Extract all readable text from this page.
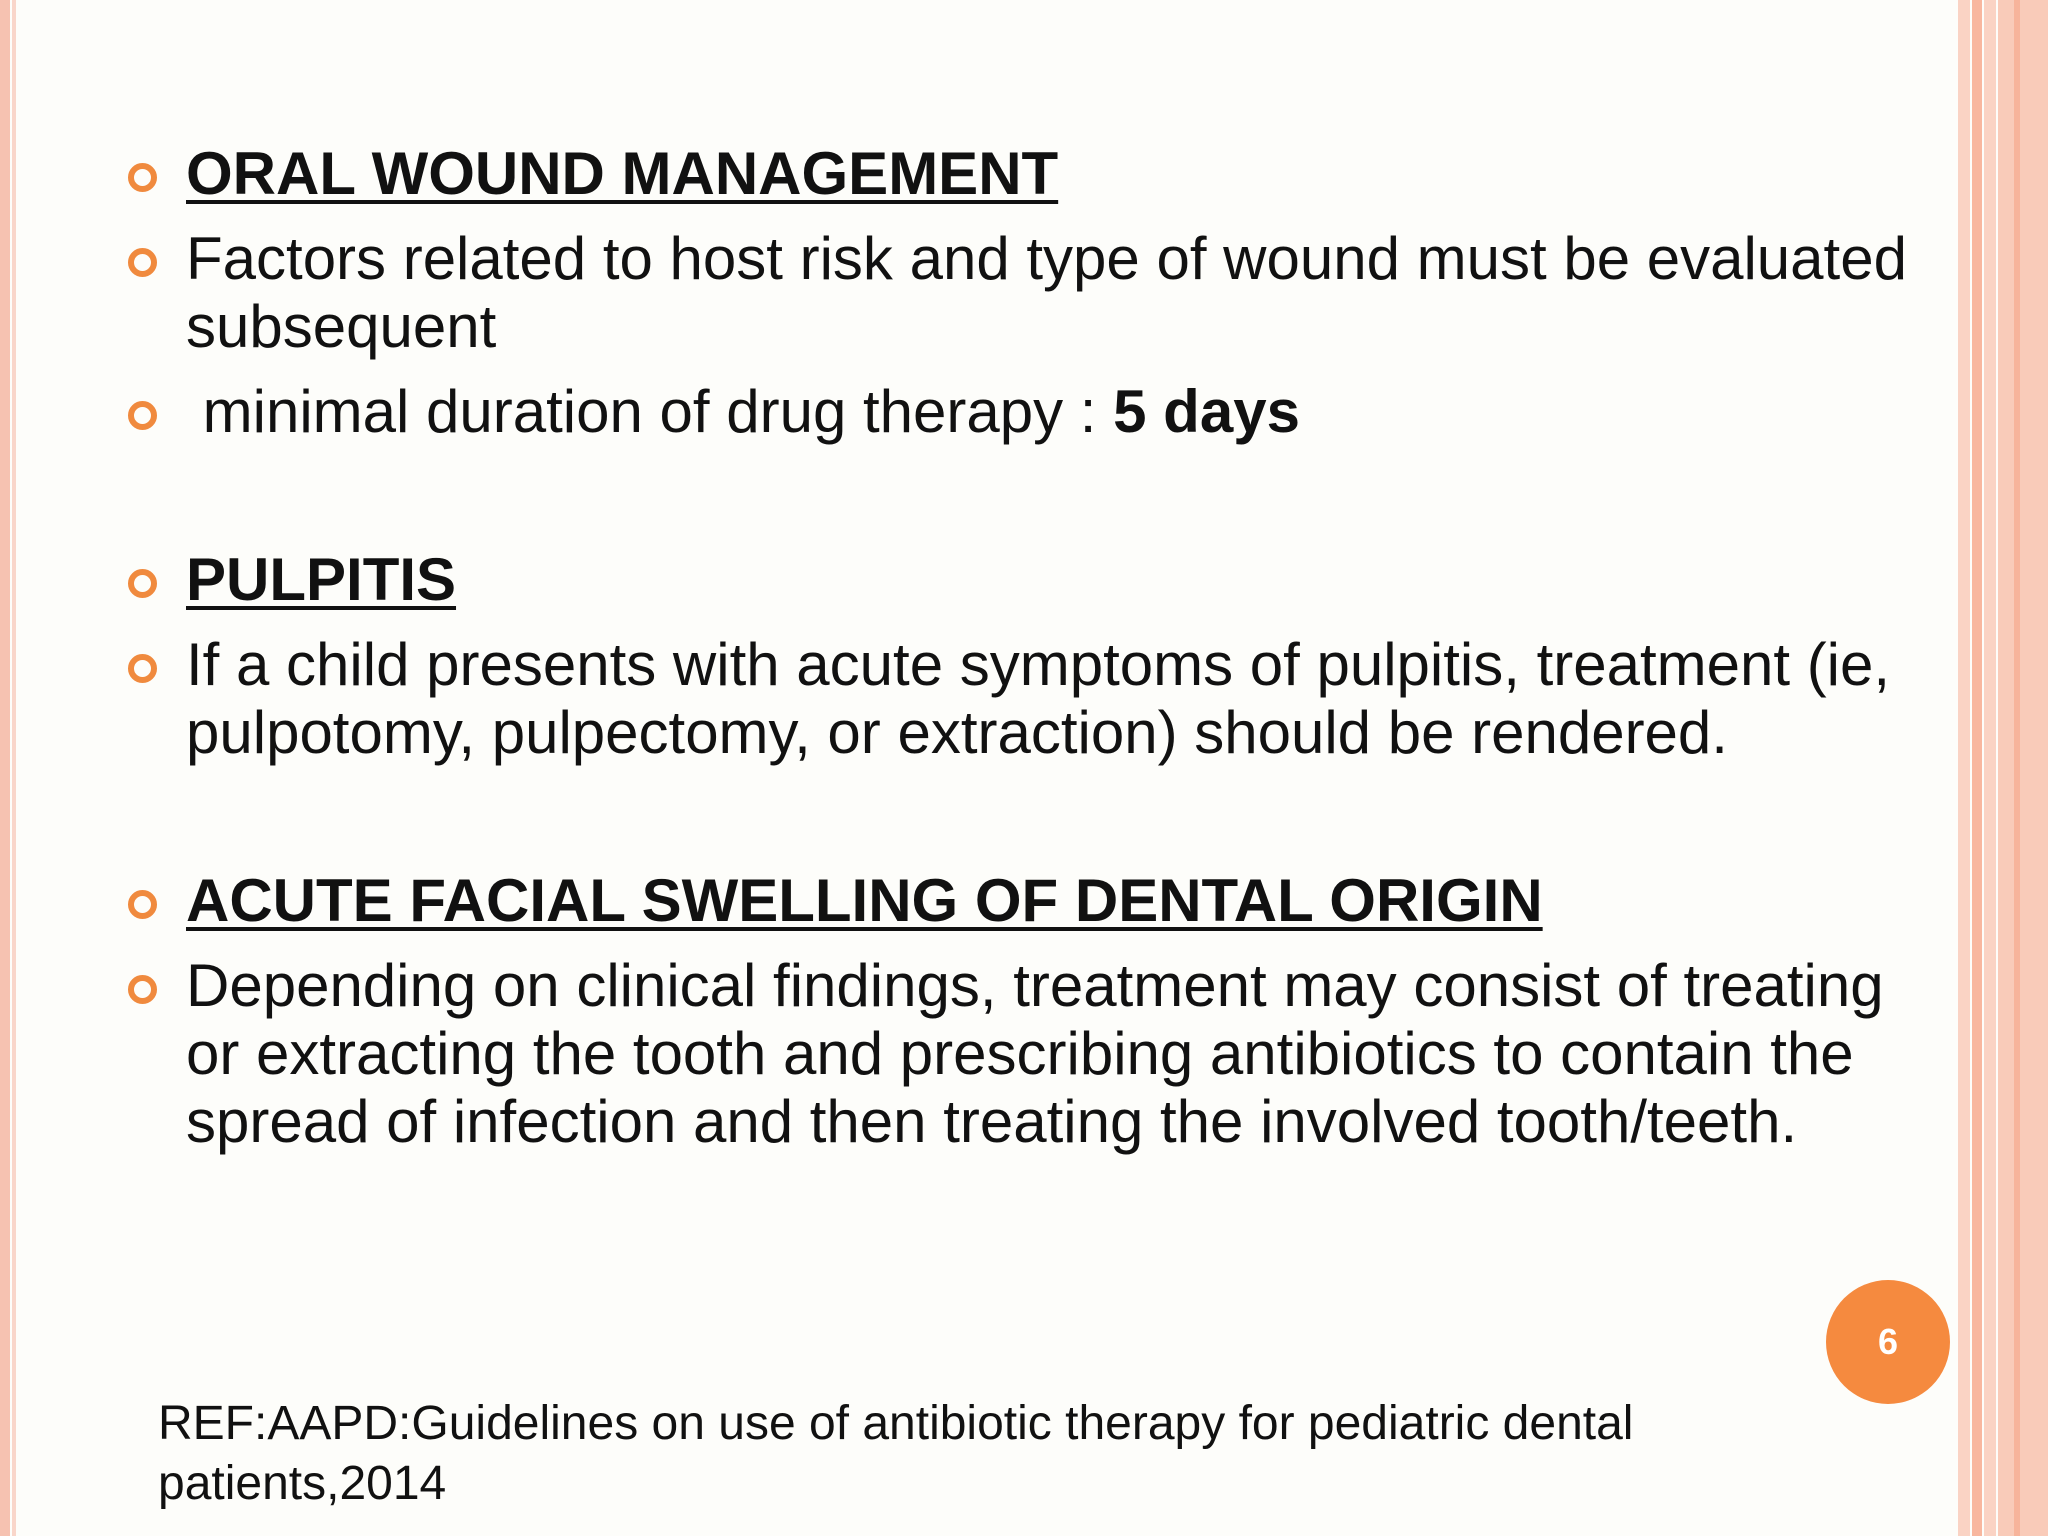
ORAL WOUND MANAGEMENT
Factors related to host risk and type of wound must be evaluated subsequent
minimal duration of drug therapy : 5 days
PULPITIS
If a child presents with acute symptoms of pulpitis, treatment (ie, pulpotomy, pulpectomy, or extraction) should be rendered.
ACUTE FACIAL SWELLING OF DENTAL ORIGIN
Depending on clinical findings, treatment may consist of treating or extracting the tooth and prescribing antibiotics to contain the spread of infection and then treating the involved tooth/teeth.
6
REF:AAPD:Guidelines on use of antibiotic therapy for pediatric dental patients,2014
